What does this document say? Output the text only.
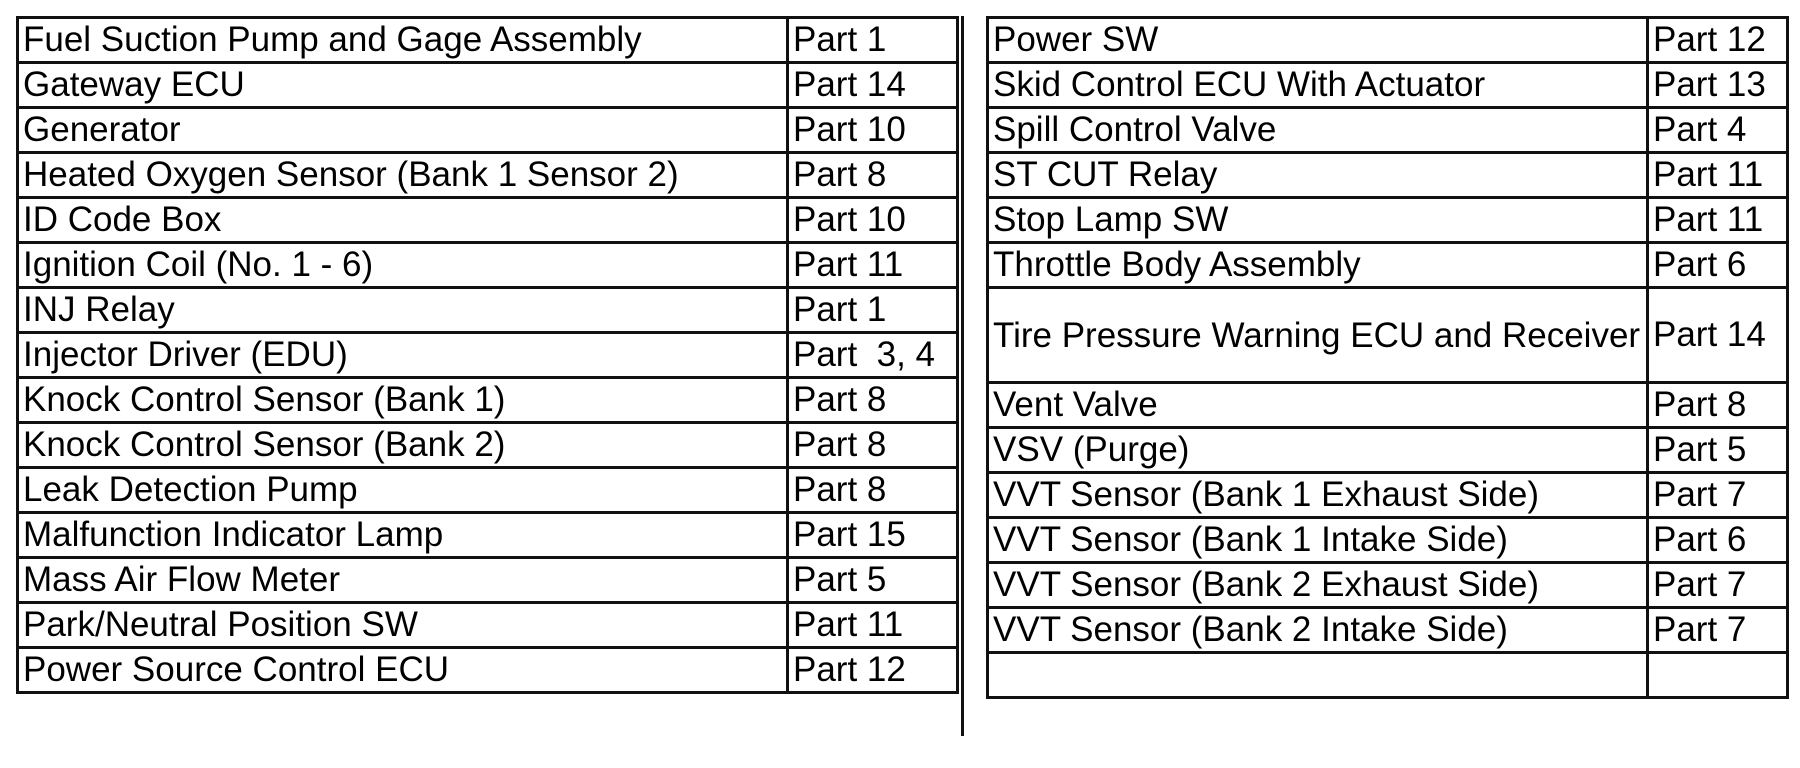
Fuel Suction Pump and Gage Assembly	Part 1
Gateway ECU	Part 14
Generator	Part 10
Heated Oxygen Sensor (Bank 1 Sensor 2)	Part 8
ID Code Box	Part 10
Ignition Coil (No. 1 - 6)	Part 11
INJ Relay	Part 1
Injector Driver (EDU)	Part  3, 4
Knock Control Sensor (Bank 1)	Part 8
Knock Control Sensor (Bank 2)	Part 8
Leak Detection Pump	Part 8
Malfunction Indicator Lamp	Part 15
Mass Air Flow Meter	Part 5
Park/Neutral Position SW	Part 11
Power Source Control ECU	Part 12
Power SW	Part 12
Skid Control ECU With Actuator	Part 13
Spill Control Valve	Part 4
ST CUT Relay	Part 11
Stop Lamp SW	Part 11
Throttle Body Assembly	Part 6
Tire Pressure Warning ECU and Receiver	Part 14
Vent Valve	Part 8
VSV (Purge)	Part 5
VVT Sensor (Bank 1 Exhaust Side)	Part 7
VVT Sensor (Bank 1 Intake Side)	Part 6
VVT Sensor (Bank 2 Exhaust Side)	Part 7
VVT Sensor (Bank 2 Intake Side)	Part 7
